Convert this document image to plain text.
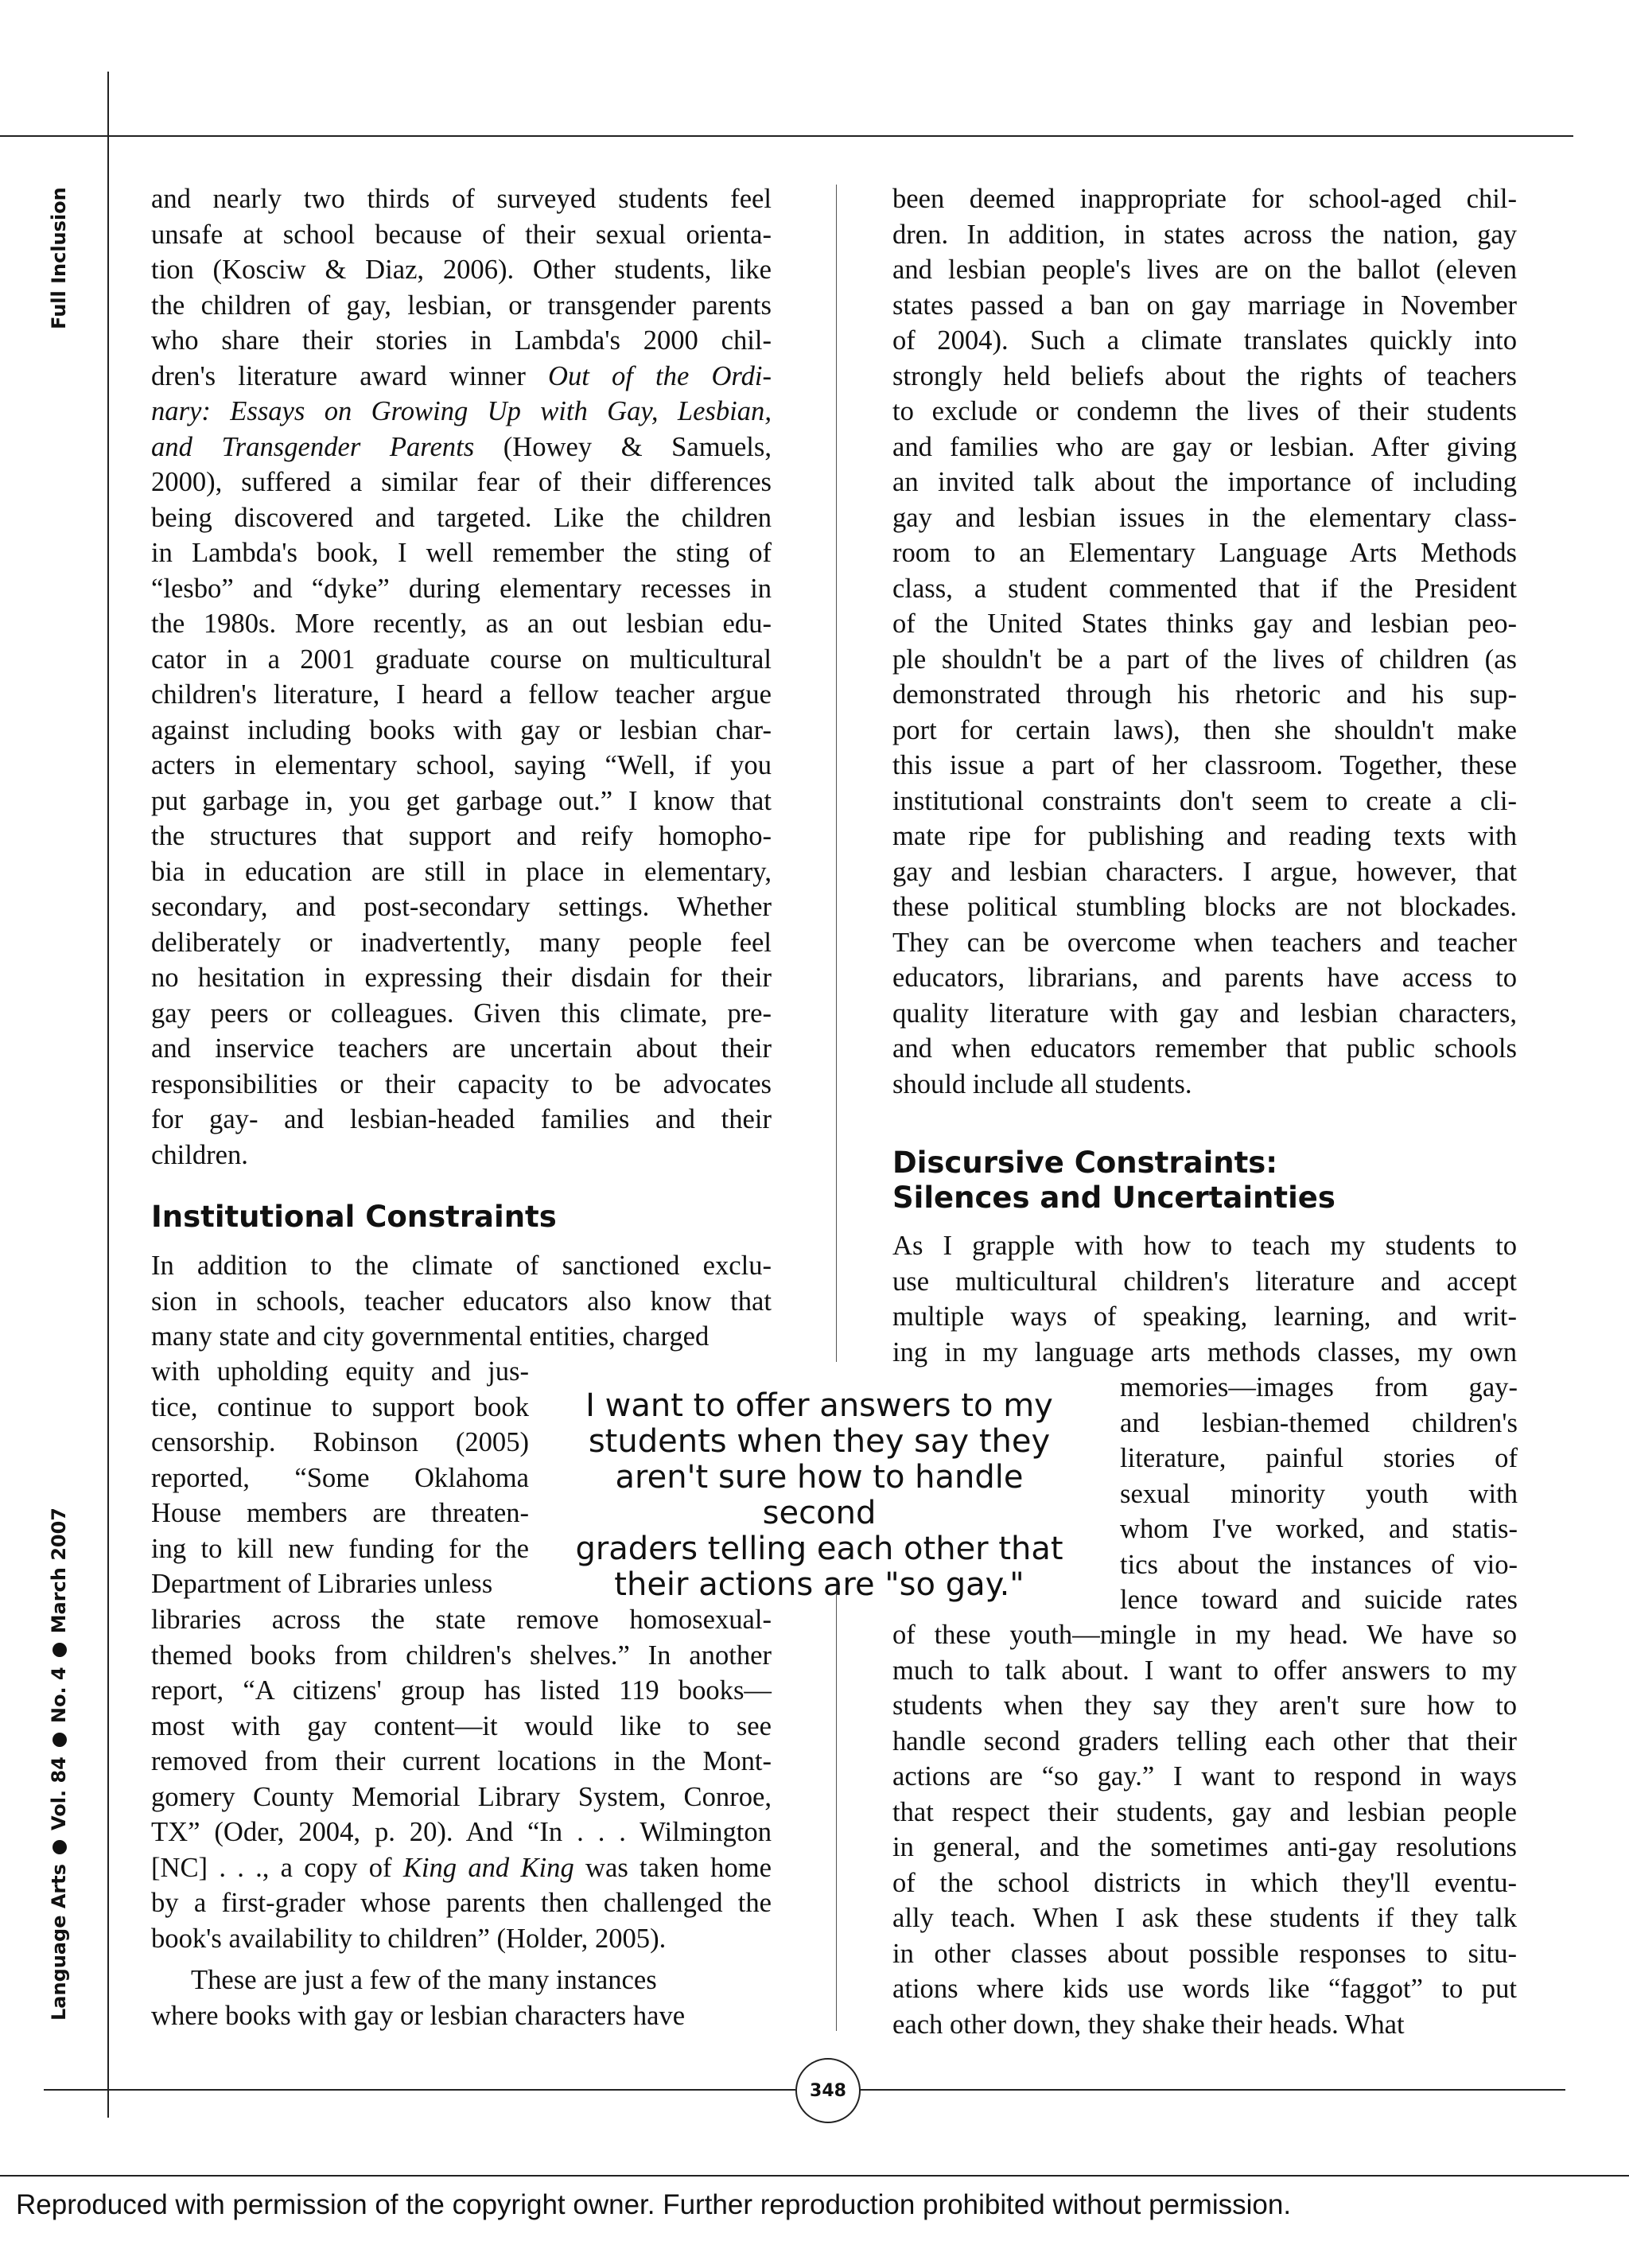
Full Inclusion
Language ArtsVol. 84No. 4March 2007

and nearly two thirds of surveyed students feel
unsafe at school because of their sexual orienta-
tion (Kosciw & Diaz, 2006). Other students, like
the children of gay, lesbian, or transgender parents
who share their stories in Lambda's 2000 chil-
dren's literature award winner Out of the Ordi-
nary: Essays on Growing Up with Gay, Lesbian,
and Transgender Parents (Howey & Samuels,
2000), suffered a similar fear of their differences
being discovered and targeted. Like the children
in Lambda's book, I well remember the sting of
“lesbo” and “dyke” during elementary recesses in
the 1980s. More recently, as an out lesbian edu-
cator in a 2001 graduate course on multicultural
children's literature, I heard a fellow teacher argue
against including books with gay or lesbian char-
acters in elementary school, saying “Well, if you
put garbage in, you get garbage out.” I know that
the structures that support and reify homopho-
bia in education are still in place in elementary,
secondary, and post-secondary settings. Whether
deliberately or inadvertently, many people feel
no hesitation in expressing their disdain for their
gay peers or colleagues. Given this climate, pre-
and inservice teachers are uncertain about their
responsibilities or their capacity to be advocates
for gay- and lesbian-headed families and their
children.

Institutional Constraints
In addition to the climate of sanctioned exclu-
sion in schools, teacher educators also know that
many state and city governmental entities, charged
with upholding equity and jus-
tice, continue to support book
censorship. Robinson (2005)
reported, “Some Oklahoma
House members are threaten-
ing to kill new funding for the
Department of Libraries unless
libraries across the state remove homosexual-
themed books from children's shelves.” In another
report, “A citizens' group has listed 119 books—
most with gay content—it would like to see
removed from their current locations in the Mont-
gomery County Memorial Library System, Conroe,
TX” (Oder, 2004, p. 20). And “In . . . Wilmington
[NC] . . ., a copy of King and King was taken home
by a first-grader whose parents then challenged the
book's availability to children” (Holder, 2005).
These are just a few of the many instances
where books with gay or lesbian characters have
I want to offer answers to my
students when they say they
aren't sure how to handle second
graders telling each other that
their actions are "so gay."
been deemed inappropriate for school-aged chil-
dren. In addition, in states across the nation, gay
and lesbian people's lives are on the ballot (eleven
states passed a ban on gay marriage in November
of 2004). Such a climate translates quickly into
strongly held beliefs about the rights of teachers
to exclude or condemn the lives of their students
and families who are gay or lesbian. After giving
an invited talk about the importance of including
gay and lesbian issues in the elementary class-
room to an Elementary Language Arts Methods
class, a student commented that if the President
of the United States thinks gay and lesbian peo-
ple shouldn't be a part of the lives of children (as
demonstrated through his rhetoric and his sup-
port for certain laws), then she shouldn't make
this issue a part of her classroom. Together, these
institutional constraints don't seem to create a cli-
mate ripe for publishing and reading texts with
gay and lesbian characters. I argue, however, that
these political stumbling blocks are not blockades.
They can be overcome when teachers and teacher
educators, librarians, and parents have access to
quality literature with gay and lesbian characters,
and when educators remember that public schools
should include all students.
Discursive Constraints:
Silences and Uncertainties
As I grapple with how to teach my students to
use multicultural children's literature and accept
multiple ways of speaking, learning, and writ-
ing in my language arts methods classes, my own
memories—images from gay-
and lesbian-themed children's
literature, painful stories of
sexual minority youth with
whom I've worked, and statis-
tics about the instances of vio-
lence toward and suicide rates
of these youth—mingle in my head. We have so
much to talk about. I want to offer answers to my
students when they say they aren't sure how to
handle second graders telling each other that their
actions are “so gay.” I want to respond in ways
that respect their students, gay and lesbian people
in general, and the sometimes anti-gay resolutions
of the school districts in which they'll eventu-
ally teach. When I ask these students if they talk
in other classes about possible responses to situ-
ations where kids use words like “faggot” to put
each other down, they shake their heads. What
348
Reproduced with permission of the copyright owner. Further reproduction prohibited without permission.
